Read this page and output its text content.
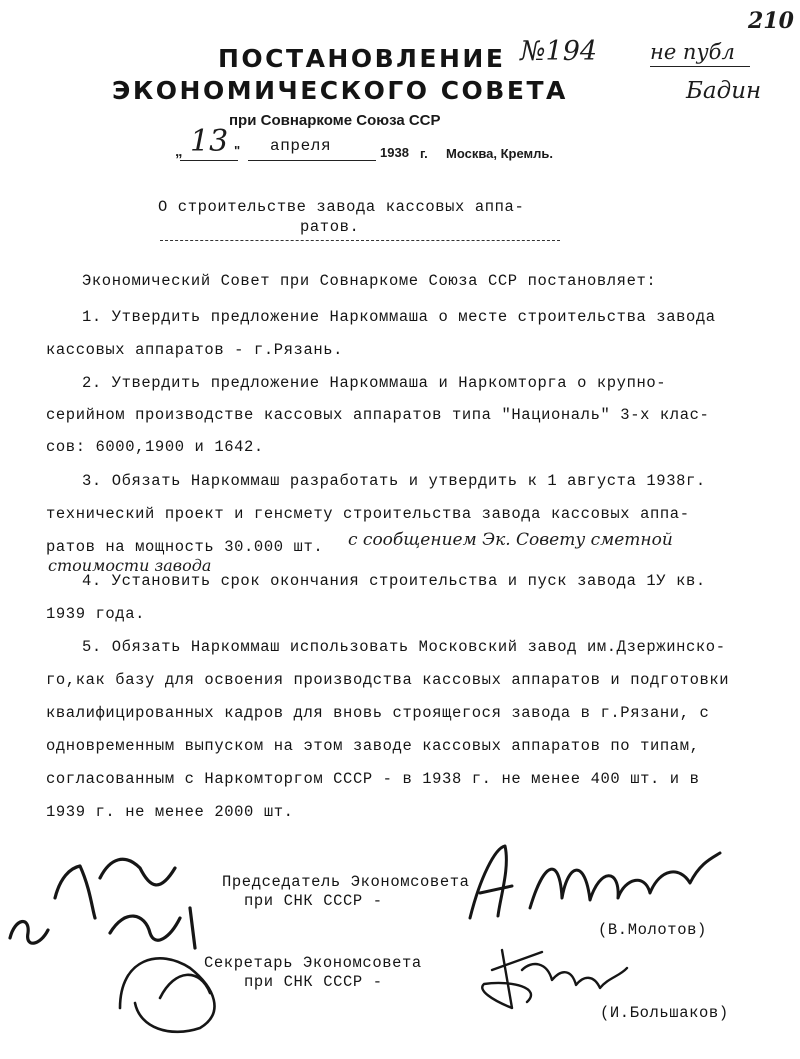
ПОСТАНОВЛЕНИЕ
ЭКОНОМИЧЕСКОГО СОВЕТА
№194
при Совнаркоме Союза ССР
„ 13 " апреля	1938 г. Москва, Кремль.
210
не публ
Бадин
О строительстве завода кассовых аппа-
ратов.
Экономический Совет при Совнаркоме Союза ССР постановляет:
1. Утвердить предложение Наркоммаша о месте строительства завода
кассовых аппаратов - г.Рязань.
2. Утвердить предложение Наркоммаша и Наркомторга о крупно-
серийном производстве кассовых аппаратов типа "Националь" 3-х клас-
сов: 6000,1900 и 1642.
3. Обязать Наркоммаш разработать и утвердить к 1 августа 1938г.
технический проект и генсмету строительства завода кассовых аппа-
ратов на мощность 30.000 шт. с сообщением Эк. Совету сметной
стоимости завода
4. Установить срок окончания строительства и пуск завода 1У кв.
1939 года.
5. Обязать Наркоммаш использовать Московский завод им.Дзержинско-
го,как базу для освоения производства кассовых аппаратов и подготовки
квалифицированных кадров для вновь строящегося завода в г.Рязани, с
одновременным выпуском на этом заводе кассовых аппаратов по типам,
согласованным с Наркомторгом СССР - в 1938 г. не менее 400 шт. и в
1939 г. не менее 2000 шт.
Председатель Экономсовета
при СНК СССР -
(В.Молотов)
Секретарь Экономсовета
при СНК СССР -
(И.Большаков)
